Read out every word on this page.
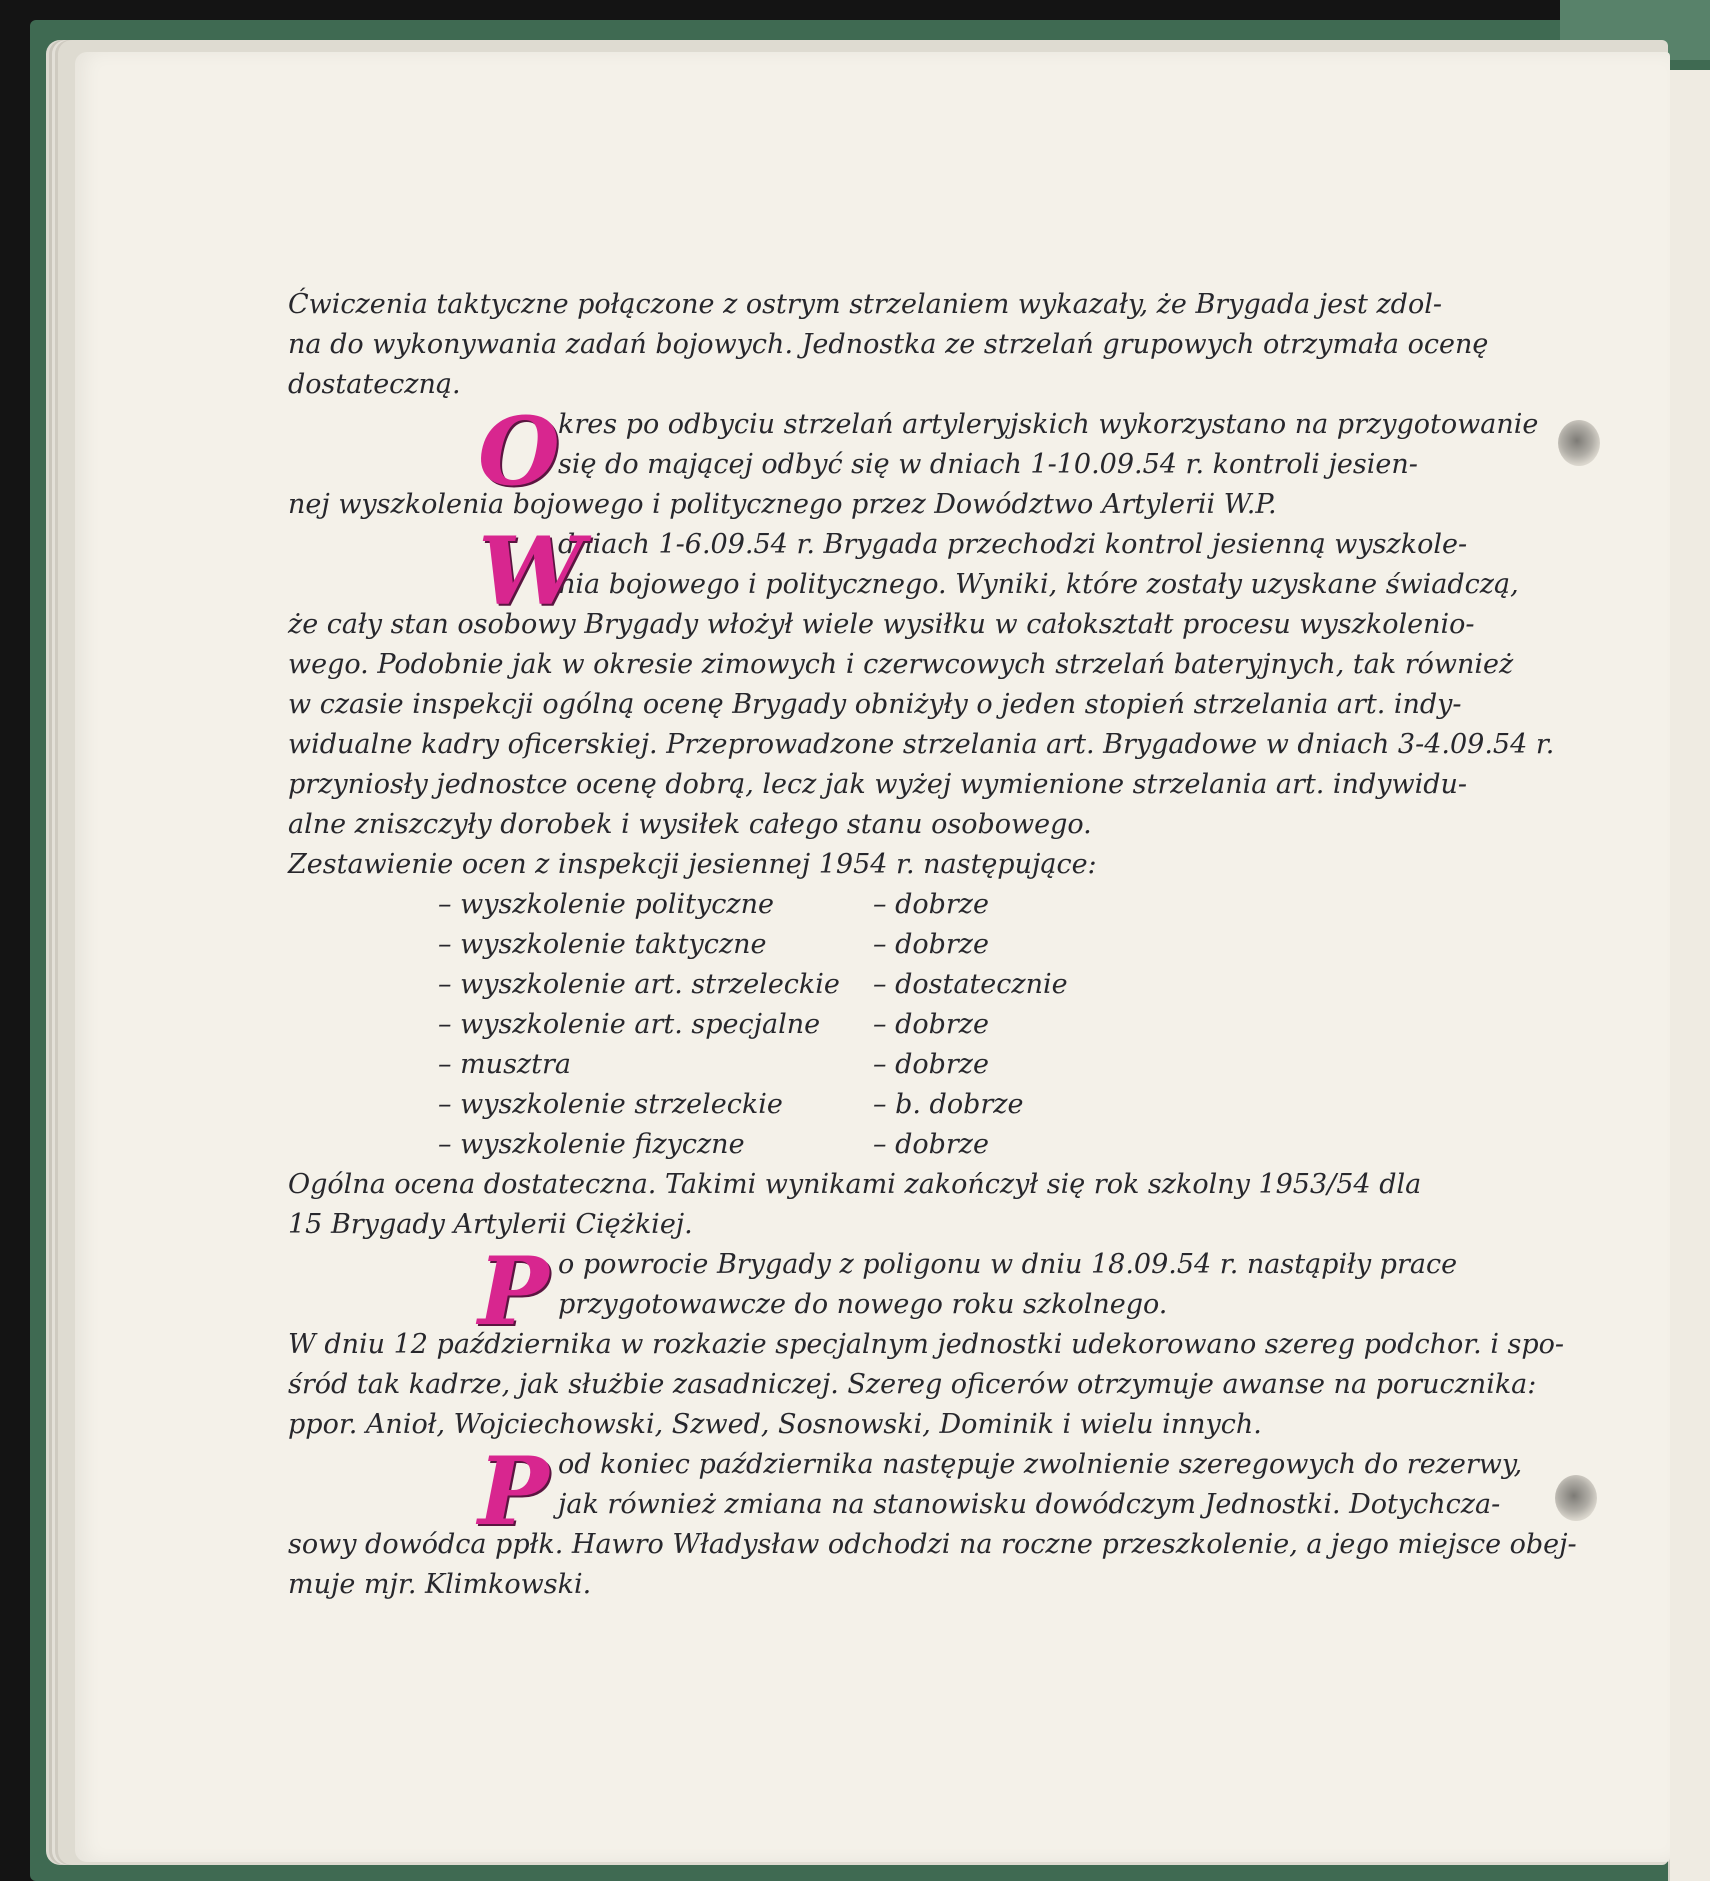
Ćwiczenia taktyczne połączone z ostrym strzelaniem wykazały, że Brygada jest zdol-
na do wykonywania zadań bojowych. Jednostka ze strzelań grupowych otrzymała ocenę
dostateczną.
O
kres po odbyciu strzelań artyleryjskich wykorzystano na przygotowanie
się do mającej odbyć się w dniach 1-10.09.54 r. kontroli jesien-
nej wyszkolenia bojowego i politycznego przez Dowództwo Artylerii W.P.
W
dniach 1-6.09.54 r. Brygada przechodzi kontrol jesienną wyszkole-
nia bojowego i politycznego. Wyniki, które zostały uzyskane świadczą,
że cały stan osobowy Brygady włożył wiele wysiłku w całokształt procesu wyszkolenio-
wego. Podobnie jak w okresie zimowych i czerwcowych strzelań bateryjnych, tak również
w czasie inspekcji ogólną ocenę Brygady obniżyły o jeden stopień strzelania art. indy-
widualne kadry oficerskiej. Przeprowadzone strzelania art. Brygadowe w dniach 3-4.09.54 r.
przyniosły jednostce ocenę dobrą, lecz jak wyżej wymienione strzelania art. indywidu-
alne zniszczyły dorobek i wysiłek całego stanu osobowego.
Zestawienie ocen z inspekcji jesiennej 1954 r. następujące:
– wyszkolenie polityczne	– dobrze
– wyszkolenie taktyczne	– dobrze
– wyszkolenie art. strzeleckie	– dostatecznie
– wyszkolenie art. specjalne	– dobrze
– musztra	– dobrze
– wyszkolenie strzeleckie	– b. dobrze
– wyszkolenie fizyczne	– dobrze
Ogólna ocena dostateczna. Takimi wynikami zakończył się rok szkolny 1953/54 dla
15 Brygady Artylerii Ciężkiej.
P o powrocie Brygady z poligonu w dniu 18.09.54 r. nastąpiły prace
przygotowawcze do nowego roku szkolnego.
W dniu 12 października w rozkazie specjalnym jednostki udekorowano szereg podchor. i spo-
śród tak kadrze, jak służbie zasadniczej. Szereg oficerów otrzymuje awanse na porucznika:
ppor. Anioł, Wojciechowski, Szwed, Sosnowski, Dominik i wielu innych.
P od koniec października następuje zwolnienie szeregowych do rezerwy,
jak również zmiana na stanowisku dowódczym Jednostki. Dotychcza-
sowy dowódca ppłk. Hawro Władysław odchodzi na roczne przeszkolenie, a jego miejsce obej-
muje mjr. Klimkowski.
